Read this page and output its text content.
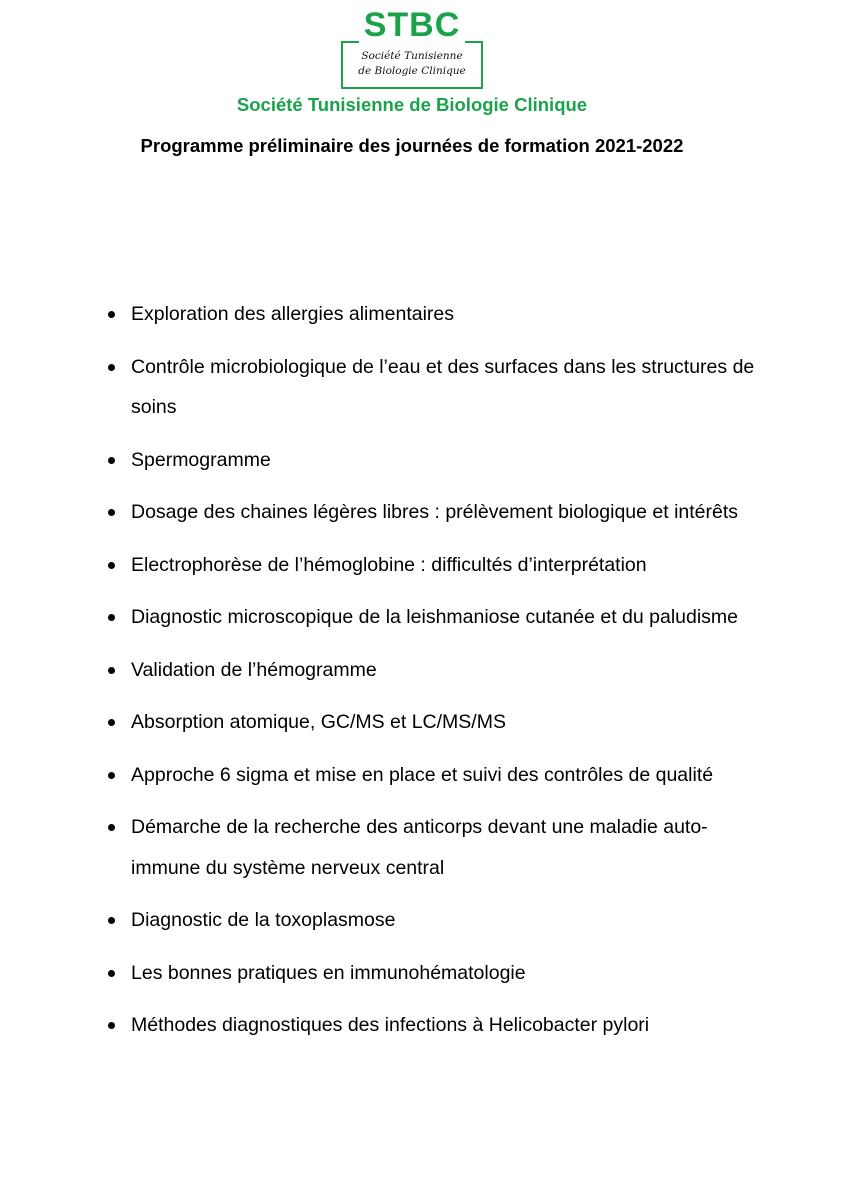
STBC
Société Tunisienne
de Biologie Clinique
Société Tunisienne de Biologie Clinique
Programme préliminaire des journées de formation 2021-2022
Exploration des allergies alimentaires
Contrôle microbiologique de l’eau et des surfaces dans les structures de soins
Spermogramme
Dosage des chaines légères libres : prélèvement biologique et intérêts
Electrophorèse de l’hémoglobine : difficultés d’interprétation
Diagnostic microscopique de la leishmaniose cutanée et du paludisme
Validation de l’hémogramme
Absorption atomique, GC/MS et LC/MS/MS
Approche 6 sigma et mise en place et suivi des contrôles de qualité
Démarche de la recherche des anticorps devant une maladie auto-immune du système nerveux central
Diagnostic de la toxoplasmose
Les bonnes pratiques en immunohématologie
Méthodes diagnostiques des infections à Helicobacter pylori
